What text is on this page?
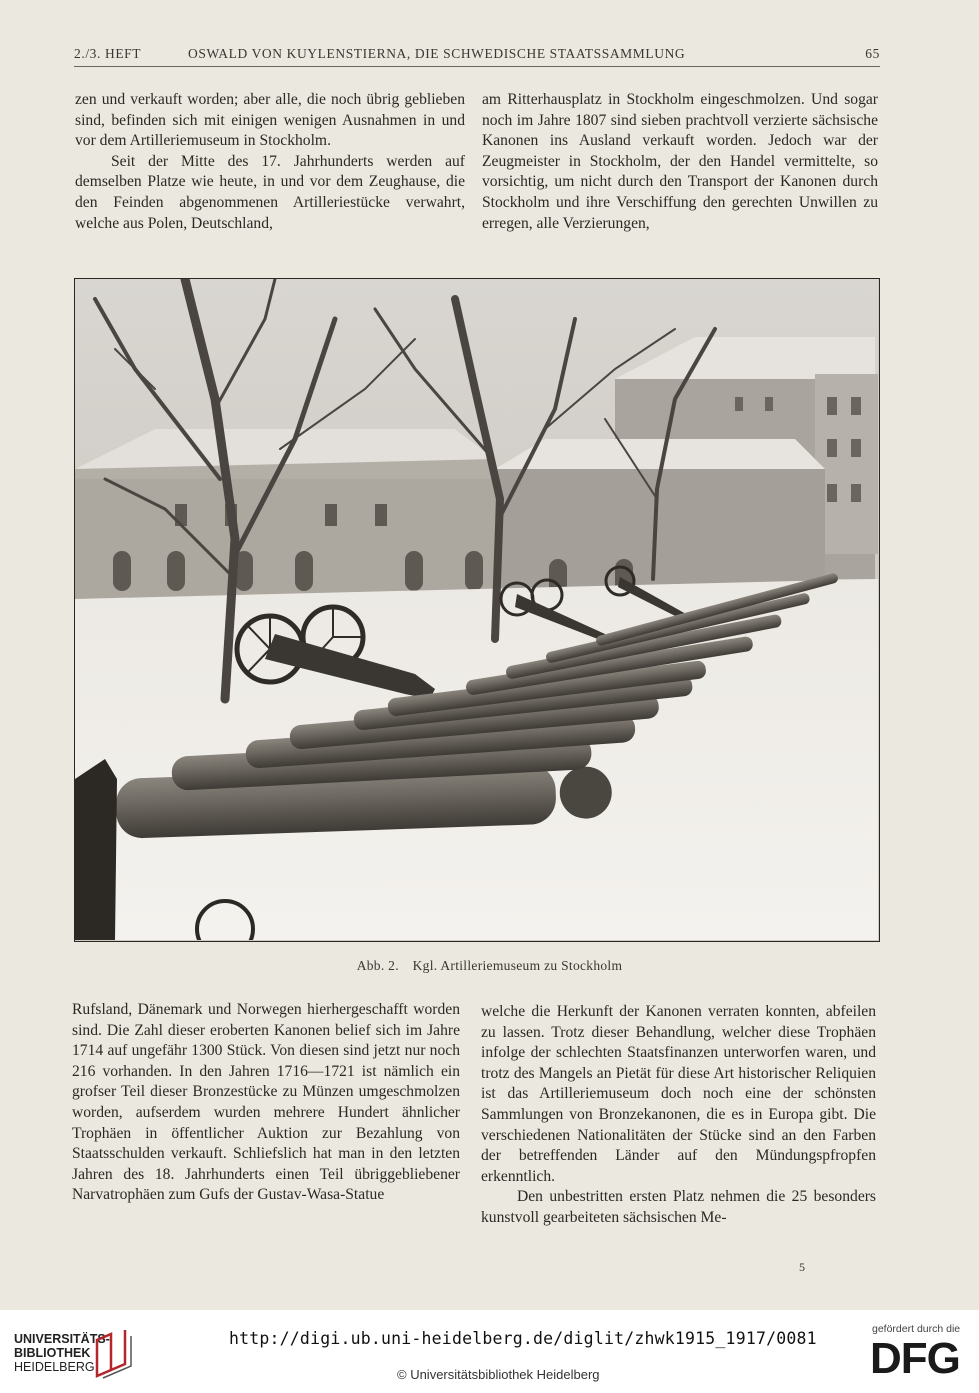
2./3. HEFT	OSWALD VON KUYLENSTIERNA, DIE SCHWEDISCHE STAATSSAMMLUNG	65

zen und verkauft worden; aber alle, die noch übrig geblieben sind, befinden sich mit einigen wenigen Ausnahmen in und vor dem Artilleriemuseum in Stockholm.

Seit der Mitte des 17. Jahrhunderts werden auf demselben Platze wie heute, in und vor dem Zeughause, die den Feinden abgenommenen Artilleriestücke verwahrt, welche aus Polen, Deutschland,

am Ritterhausplatz in Stockholm eingeschmolzen. Und sogar noch im Jahre 1807 sind sieben prachtvoll verzierte sächsische Kanonen ins Ausland verkauft worden. Jedoch war der Zeugmeister in Stockholm, der den Handel vermittelte, so vorsichtig, um nicht durch den Transport der Kanonen durch Stockholm und ihre Verschiffung den gerechten Unwillen zu erregen, alle Verzierungen,

Abb. 2. Kgl. Artilleriemuseum zu Stockholm

Rufsland, Dänemark und Norwegen hierhergeschafft worden sind. Die Zahl dieser eroberten Kanonen belief sich im Jahre 1714 auf ungefähr 1300 Stück. Von diesen sind jetzt nur noch 216 vorhanden. In den Jahren 1716—1721 ist nämlich ein grofser Teil dieser Bronzestücke zu Münzen umgeschmolzen worden, aufserdem wurden mehrere Hundert ähnlicher Trophäen in öffentlicher Auktion zur Bezahlung von Staatsschulden verkauft. Schliefslich hat man in den letzten Jahren des 18. Jahrhunderts einen Teil übriggebliebener Narvatrophäen zum Gufs der Gustav-Wasa-Statue

welche die Herkunft der Kanonen verraten konnten, abfeilen zu lassen. Trotz dieser Behandlung, welcher diese Trophäen infolge der schlechten Staatsfinanzen unterworfen waren, und trotz des Mangels an Pietät für diese Art historischer Reliquien ist das Artilleriemuseum doch noch eine der schönsten Sammlungen von Bronzekanonen, die es in Europa gibt. Die verschiedenen Nationalitäten der Stücke sind an den Farben der betreffenden Länder auf den Mündungspfropfen erkenntlich.

Den unbestritten ersten Platz nehmen die 25 besonders kunstvoll gearbeiteten sächsischen Me-

5
UNIVERSITÄTS-
BIBLIOTHEK
HEIDELBERG
http://digi.ub.uni-heidelberg.de/diglit/zhwk1915_1917/0081
© Universitätsbibliothek Heidelberg
gefördert durch die
DFG
